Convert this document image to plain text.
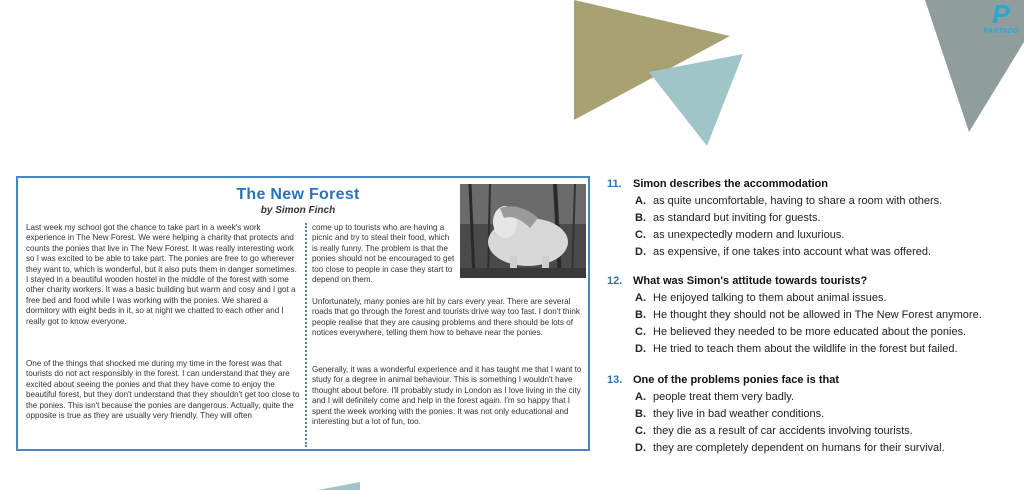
P
PANTADO
The New Forest
by Simon Finch

Last week my school got the chance to take part in a week's work experience in The New Forest. We were helping a charity that protects and counts the ponies that live in The New Forest. It was really interesting work so I was excited to be able to take part. The ponies are free to go wherever they want to, which is wonderful, but it also puts them in danger sometimes. I stayed in a beautiful wooden hostel in the middle of the forest with some other charity workers. It was a basic building but warm and cosy and I got a free bed and food while I was working with the ponies. We shared a dormitory with eight beds in it, so at night we chatted to each other and I really got to know everyone.

One of the things that shocked me during my time in the forest was that tourists do not act responsibly in the forest. I can understand that they are excited about seeing the ponies and that they have come to enjoy the beautiful forest, but they don't understand that they shouldn't get too close to the ponies. This isn't because the ponies are dangerous. Actually, quite the opposite is true as they are usually very friendly. They will often

come up to tourists who are having a picnic and try to steal their food, which is really funny. The problem is that the ponies should not be encouraged to get too close to people in case they start to depend on them.

Unfortunately, many ponies are hit by cars every year. There are several roads that go through the forest and tourists drive way too fast. I don't think people realise that they are causing problems and there should be lots of notices everywhere, telling them how to behave near the ponies.

Generally, it was a wonderful experience and it has taught me that I want to study for a degree in animal behaviour. This is something I wouldn't have thought about before. I'll probably study in London as I love living in the city and I will definitely come and help in the forest again. I'm so happy that I spent the week working with the ponies. It was not only educational and interesting but a lot of fun, too.

11. Simon describes the accommodation
A. as quite uncomfortable, having to share a room with others.
B. as standard but inviting for guests.
C. as unexpectedly modern and luxurious.
D. as expensive, if one takes into account what was offered.
12. What was Simon's attitude towards tourists?
A. He enjoyed talking to them about animal issues.
B. He thought they should not be allowed in The New Forest anymore.
C. He believed they needed to be more educated about the ponies.
D. He tried to teach them about the wildlife in the forest but failed.
13. One of the problems ponies face is that
A. people treat them very badly.
B. they live in bad weather conditions.
C. they die as a result of car accidents involving tourists.
D. they are completely dependent on humans for their survival.
